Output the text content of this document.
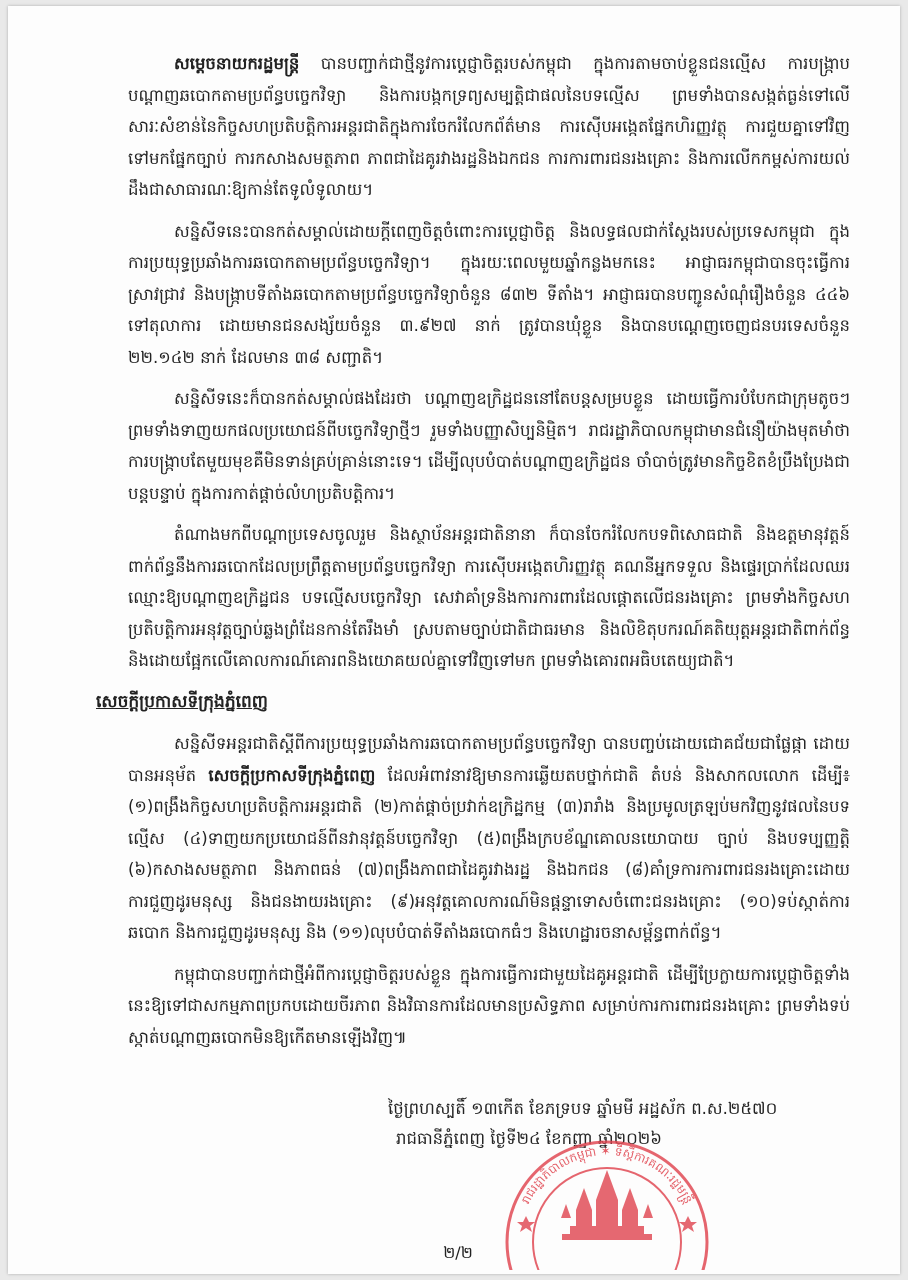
សម្ដេចនាយករដ្ឋមន្ត្រី បានបញ្ជាក់ជាថ្មីនូវការប្ដេជ្ញាចិត្តរបស់កម្ពុជា ក្នុងការតាមចាប់ខ្លួនជនល្មើស ការបង្ក្រាបបណ្ដាញឆបោកតាមប្រព័ន្ធបច្ចេកវិទ្យា និងការបង្កកទ្រព្យសម្បត្តិជាផលនៃបទល្មើស ព្រមទាំងបានសង្កត់ធ្ងន់ទៅលើសារៈសំខាន់នៃកិច្ចសហប្រតិបត្តិការអន្តរជាតិក្នុងការចែករំលែកព័ត៌មាន ការស៊ើបអង្កេតផ្នែកហិរញ្ញវត្ថុ ការជួយគ្នាទៅវិញទៅមកផ្នែកច្បាប់ ការកសាងសមត្ថភាព ភាពជាដៃគូរវាងរដ្ឋនិងឯកជន ការការពារជនរងគ្រោះ និងការលើកកម្ពស់ការយល់ដឹងជាសាធារណៈឱ្យកាន់តែទូលំទូលាយ។

សន្និសីទនេះបានកត់សម្គាល់ដោយក្ដីពេញចិត្តចំពោះការប្ដេជ្ញាចិត្ត និងលទ្ធផលជាក់ស្ដែងរបស់ប្រទេសកម្ពុជា ក្នុងការប្រយុទ្ធប្រឆាំងការឆបោកតាមប្រព័ន្ធបច្ចេកវិទ្យា។ ក្នុងរយៈពេលមួយឆ្នាំកន្លងមកនេះ អាជ្ញាធរកម្ពុជាបានចុះធ្វើការស្រាវជ្រាវ និងបង្ក្រាបទីតាំងឆបោកតាមប្រព័ន្ធបច្ចេកវិទ្យាចំនួន ៨៣២ ទីតាំង។ អាជ្ញាធរបានបញ្ជូនសំណុំរឿងចំនួន ៤៤៦ ទៅតុលាការ ដោយមានជនសង្ស័យចំនួន ៣.៩២៧ នាក់ ត្រូវបានឃុំខ្លួន និងបានបណ្ដេញចេញជនបរទេសចំនួន ២២.១៤២ នាក់ ដែលមាន ៣៨ សញ្ជាតិ។

សន្និសីទនេះក៏បានកត់សម្គាល់ផងដែរថា បណ្ដាញឧក្រិដ្ឋជននៅតែបន្តសម្របខ្លួន ដោយធ្វើការបំបែកជាក្រុមតូចៗ ព្រមទាំងទាញយកផលប្រយោជន៍ពីបច្ចេកវិទ្យាថ្មីៗ រួមទាំងបញ្ញាសិប្បនិម្មិត។ រាជរដ្ឋាភិបាលកម្ពុជាមានជំនឿយ៉ាងមុតមាំថា ការបង្ក្រាបតែមួយមុខគឺមិនទាន់គ្រប់គ្រាន់នោះទេ។ ដើម្បីលុបបំបាត់បណ្ដាញឧក្រិដ្ឋជន ចាំបាច់ត្រូវមានកិច្ចខិតខំប្រឹងប្រែងជាបន្តបន្ទាប់ ក្នុងការកាត់ផ្ដាច់លំហប្រតិបត្តិការ។

តំណាងមកពីបណ្ដាប្រទេសចូលរួម និងស្ថាប័នអន្តរជាតិនានា ក៏បានចែករំលែកបទពិសោធជាតិ និងឧត្តមានុវត្តន៍ ពាក់ព័ន្ធនឹងការឆបោកដែលប្រព្រឹត្តតាមប្រព័ន្ធបច្ចេកវិទ្យា ការស៊ើបអង្កេតហិរញ្ញវត្ថុ គណនីអ្នកទទួល និងផ្ទេរប្រាក់ដែលឈរឈ្មោះឱ្យបណ្ដាញឧក្រិដ្ឋជន បទល្មើសបច្ចេកវិទ្យា សេវាគាំទ្រនិងការការពារដែលផ្ដោតលើជនរងគ្រោះ ព្រមទាំងកិច្ចសហប្រតិបត្តិការអនុវត្តច្បាប់ឆ្លងព្រំដែនកាន់តែរឹងមាំ ស្របតាមច្បាប់ជាតិជាធរមាន និងលិខិតុបករណ៍គតិយុត្តអន្តរជាតិពាក់ព័ន្ធ និងដោយផ្អែកលើគោលការណ៍គោរពនិងយោគយល់គ្នាទៅវិញទៅមក ព្រមទាំងគោរពអធិបតេយ្យជាតិ។

សេចក្ដីប្រកាសទីក្រុងភ្នំពេញ

សន្និសីទអន្តរជាតិស្ដីពីការប្រយុទ្ធប្រឆាំងការឆបោកតាមប្រព័ន្ធបច្ចេកវិទ្យា បានបញ្ចប់ដោយជោគជ័យជាផ្លែផ្កា ដោយបានអនុម័ត សេចក្ដីប្រកាសទីក្រុងភ្នំពេញ ដែលអំពាវនាវឱ្យមានការឆ្លើយតបថ្នាក់ជាតិ តំបន់ និងសាកលលោក ដើម្បី៖ (១)ពង្រឹងកិច្ចសហប្រតិបត្តិការអន្តរជាតិ (២)កាត់ផ្ដាច់ប្រវាក់ឧក្រិដ្ឋកម្ម (៣)រារាំង និងប្រមូលត្រឡប់មកវិញនូវផលនៃបទល្មើស (៤)ទាញយកប្រយោជន៍ពីនវានុវត្តន៍បច្ចេកវិទ្យា (៥)ពង្រឹងក្របខ័ណ្ឌគោលនយោបាយ ច្បាប់ និងបទប្បញ្ញត្តិ (៦)កសាងសមត្ថភាព និងភាពធន់ (៧)ពង្រឹងភាពជាដៃគូរវាងរដ្ឋ និងឯកជន (៨)គាំទ្រការការពារជនរងគ្រោះដោយការជួញដូរមនុស្ស និងជនងាយរងគ្រោះ (៩)អនុវត្តគោលការណ៍មិនផ្ដន្ទាទោសចំពោះជនរងគ្រោះ (១០)ទប់ស្កាត់ការឆបោក និងការជួញដូរមនុស្ស និង (១១)លុបបំបាត់ទីតាំងឆបោកធំៗ និងហេដ្ឋារចនាសម្ព័ន្ធពាក់ព័ន្ធ។

កម្ពុជាបានបញ្ជាក់ជាថ្មីអំពីការប្ដេជ្ញាចិត្តរបស់ខ្លួន ក្នុងការធ្វើការជាមួយដៃគូអន្តរជាតិ ដើម្បីប្រែក្លាយការប្ដេជ្ញាចិត្តទាំងនេះឱ្យទៅជាសកម្មភាពប្រកបដោយចីរភាព និងវិធានការដែលមានប្រសិទ្ធភាព សម្រាប់ការការពារជនរងគ្រោះ ព្រមទាំងទប់ស្កាត់បណ្ដាញឆបោកមិនឱ្យកើតមានឡើងវិញ៕

ថ្ងៃព្រហស្បតិ៍ ១៣កើត ខែភទ្របទ ឆ្នាំមមី អដ្ឋស័ក ព.ស.២៥៧០
រាជធានីភ្នំពេញ ថ្ងៃទី២៤ ខែកញ្ញា ឆ្នាំ២០២៦
រាជរដ្ឋាភិបាលកម្ពុជា ✶ ទីស្ដីការគណៈរដ្ឋមន្ត្រី
២/២
